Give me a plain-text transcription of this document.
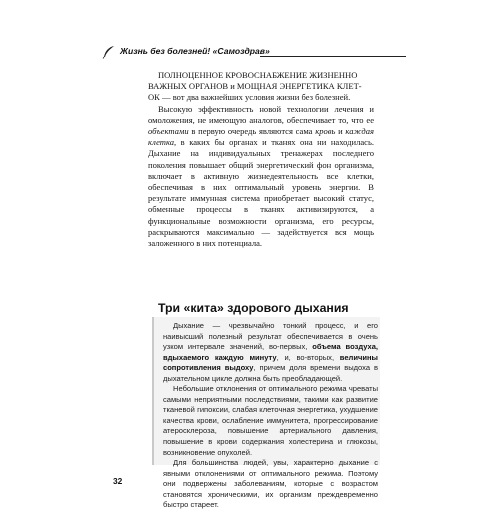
Жизнь без болезней! «Самоздрав»

ПОЛНОЦЕННОЕ КРОВОСНАБЖЕНИЕ ЖИЗНЕННО
ВАЖНЫХ ОРГАНОВ и МОЩНАЯ ЭНЕРГЕТИКА КЛЕТ-
ОК — вот два важнейших условия жизни без болезней.

Высокую эффективность новой технологии лечения и омоложения, не имеющую аналогов, обеспечивает то, что ее объектами в первую очередь являются сама кровь и каждая клетка, в каких бы органах и тканях она ни находилась. Дыхание на индивидуальных тренажерах последнего поколения повышает общий энергетический фон организма, включает в активную жизнедеятельность все клетки, обеспечивая в них оптимальный уровень энергии. В результате иммунная система приобретает высокий статус, обменные процессы в тканях активизируются, а функциональные возможности организма, его ресурсы, раскрываются максимально — задействуется вся мощь заложенного в них потенциала.

Три «кита» здорового дыхания

Дыхание — чрезвычайно тонкий процесс, и его наивысший полезный результат обеспечивается в очень узком интервале значений, во-первых, объема воздуха, вдыхаемого каждую минуту, и, во-вторых, величины сопротивления выдоху, причем доля времени выдоха в дыхательном цикле должна быть преобладающей.

Небольшие отклонения от оптимального режима чреваты самыми неприятными последствиями, такими как развитие тканевой гипоксии, слабая клеточная энергетика, ухудшение качества крови, ослабление иммунитета, прогрессирование атеросклероза, повышение артериального давления, повышение в крови содержания холестерина и глюкозы, возникновение опухолей.

Для большинства людей, увы, характерно дыхание с явными отклонениями от оптимального режима. Поэтому они подвержены заболеваниям, которые с возрастом становятся хроническими, их организм преждевременно быстро стареет.

32
